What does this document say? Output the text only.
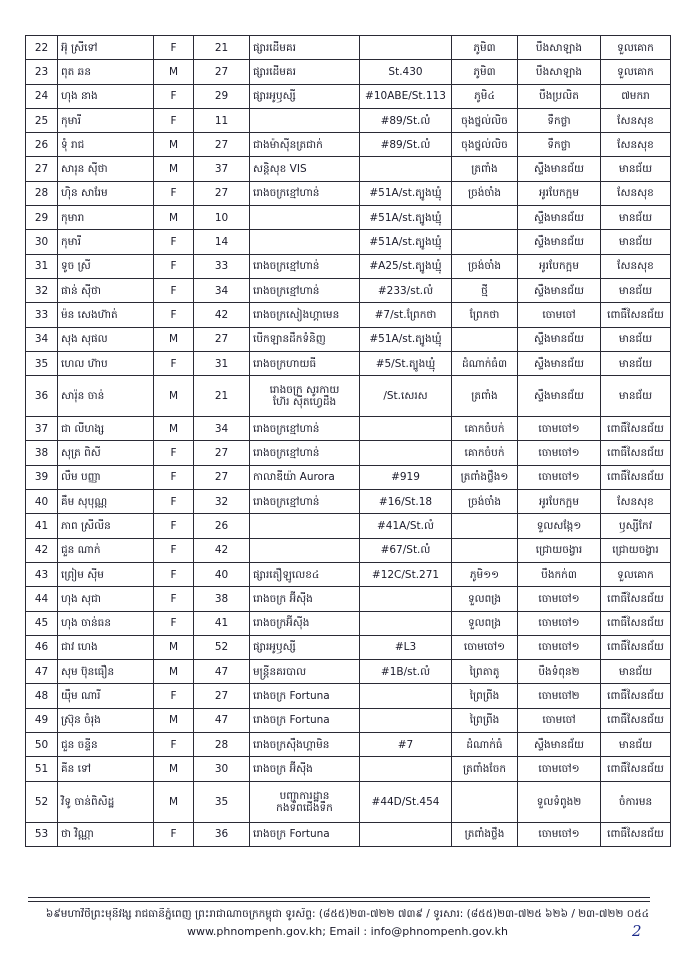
22	អ៊ុ ស្រីទៅ	F	21	ផ្សារដើមគរ		ភូមិ៣	បឹងសាឡាង	ទួលគោក
23	ពុត ឆន	M	27	ផ្សារដើមគរ	St.430	ភូមិ៣	បឹងសាឡាង	ទួលគោក
24	ហុង នាង	F	29	ផ្សារអូឫស្សី	#10ABE/St.113	ភូមិ៤	បឹងប្រលិត	៧មករា
25	កុមារី	F	11		#89/St.លំ	ចុងថ្នល់លិច	ទឹកថ្លា	សែនសុខ
26	ទុំ រាជ	M	27	ជាងម៉ាស៊ីនត្រជាក់	#89/St.លំ	ចុងថ្នល់លិច	ទឹកថ្លា	សែនសុខ
27	សារុន ស៊ីថា	M	37	សន្តិសុខ VIS		ត្រពាំង	ស្ទឹងមានជ័យ	មានជ័យ
28	ហ៊ិន សារែម	F	27	រោងចក្រខ្មៅហាន់	#51A/st.ត្បូងឃ្មុំ	ច្រង់ចាំង	អូរបែកក្អម	សែនសុខ
29	កុមារា	M	10		#51A/st.ត្បូងឃ្មុំ		ស្ទឹងមានជ័យ	មានជ័យ
30	កុមារី	F	14		#51A/st.ត្បូងឃ្មុំ		ស្ទឹងមានជ័យ	មានជ័យ
31	ទូច ស្រី	F	33	រោងចក្រខ្មៅហាន់	#A25/st.ត្បូងឃ្មុំ	ច្រង់ចាំង	អូរបែកក្អម	សែនសុខ
32	ផាន់ ស៊ីថា	F	34	រោងចក្រខ្មៅហាន់	#233/st.លំ	ថ្មី	ស្ទឹងមានជ័យ	មានជ័យ
33	ម៉ន សេងហ៊ាត់	F	42	រោងចក្រសៀងហ្គាមេន	#7/st.ព្រែកថា	ព្រែកថា	ចោមចៅ	ពោធិ៍សែនជ័យ
34	សុង សុផល	M	27	បើកឡានដឹកទំនិញ	#51A/st.ត្បូងឃ្មុំ		ស្ទឹងមានជ័យ	មានជ័យ
35	ហេល ហ៊ាប	F	31	រោងចក្រហាយធី	#5/St.ត្បូងឃ្មុំ	ដំណាក់ធំ៣	ស្ទឹងមានជ័យ	មានជ័យ
36	សារ៉ុន ចាន់	M	21	រោងចក្រ សូរកាយ
ហ៊ែរ ស៊ីតហ្វេដឹង	/St.សេរស	ត្រពាំង	ស្ទឹងមានជ័យ	មានជ័យ
37	ជា លីហង្ស	M	34	រោងចក្រខ្មៅហាន់		គោកចំបក់	ចោមចៅ១	ពោធិ៍សែនជ័យ
38	សុត្រ ពិសី	F	27	រោងចក្រខ្មៅហាន់		គោកចំបក់	ចោមចៅ១	ពោធិ៍សែនជ័យ
39	លឹម បញ្ញា	F	27	កាលាឌីយ៉ា Aurora	#919	ត្រពាំងថ្លឹង១	ចោមចៅ១	ពោធិ៍សែនជ័យ
40	គឹម សុបុណ្ណ	F	32	រោងចក្រខ្មៅហាន់	#16/St.18	ច្រង់ចាំង	អូរបែកក្អម	សែនសុខ
41	ភាព ស្រីលីន	F	26		#41A/St.លំ		ទួលសង្កែ១	ឫស្សីកែវ
42	ជួន ណាក់	F	42		#67/St.លំ		ជ្រោយចង្វារ	ជ្រោយចង្វារ
43	ព្រៀម ស៊ីម	F	40	ផ្សារតឿឡូលេខ៤	#12C/St.271	ភូមិ១១	បឹងកក់៣	ទួលគោក
44	ហុង សុជា	F	38	រោងចក្រ អ៊ីស៊ីង		ទួលពង្រ	ចោមចៅ១	ពោធិ៍សែនជ័យ
45	ហុង ចាន់ធន	F	41	រោងចក្រអ៊ីស៊ីង		ទួលពង្រ	ចោមចៅ១	ពោធិ៍សែនជ័យ
46	ជាវ ហេង	M	52	ផ្សារអូឫស្សី	#L3	ចោមចៅ១	ចោមចៅ១	ពោធិ៍សែនជ័យ
47	សុម ប៊ុនធឿន	M	47	មន្ត្រីនគរបាល	#1B/st.លំ	ព្រៃតាតូ	បឹងទំពុន២	មានជ័យ
48	យ៉ឹម ណារី	F	27	រោងចក្រ Fortuna		ព្រៃព្រីង	ចោមចៅ២	ពោធិ៍សែនជ័យ
49	ស្រ៊ុន ចំរុង	M	47	រោងចក្រ Fortuna		ព្រៃព្រីង	ចោមចៅ	ពោធិ៍សែនជ័យ
50	ជួន ចន្ទីន	F	28	រោងចក្រស៊ឹងហ្គាមិន	#7	ដំណាក់ធំ	ស្ទឹងមានជ័យ	មានជ័យ
51	គីន ទៅ	M	30	រោងចក្រ អ៊ីស៊ីង		ត្រពាំងចែក	ចោមចៅ១	ពោធិ៍សែនជ័យ
52	វិទូ ចាន់ពិសិដ្ឋ	M	35	បញ្ជាការដ្ឋាន
កងទ័ពជើងទឹក	#44D/St.454		ទួលទំពូង២	ចំការមន
53	ថា វិណ្ណា	F	36	រោងចក្រ Fortuna		ត្រពាំងថ្លឹង	ចោមចៅ១	ពោធិ៍សែនជ័យ
៦៩មហាវិថីព្រះមុនីវង្ស រាជធានីភ្នំពេញ ព្រះរាជាណាចក្រកម្ពុជា ទូរស័ព្ទ: (៨៥៥)២៣-៧២២ ៧៣៩ / ទូរសារ: (៨៥៥)២៣-៧២៥ ៦២៦ / ២៣-៧២២ ០៥៤
www.phnompenh.gov.kh; Email : info@phnompenh.gov.kh	2
